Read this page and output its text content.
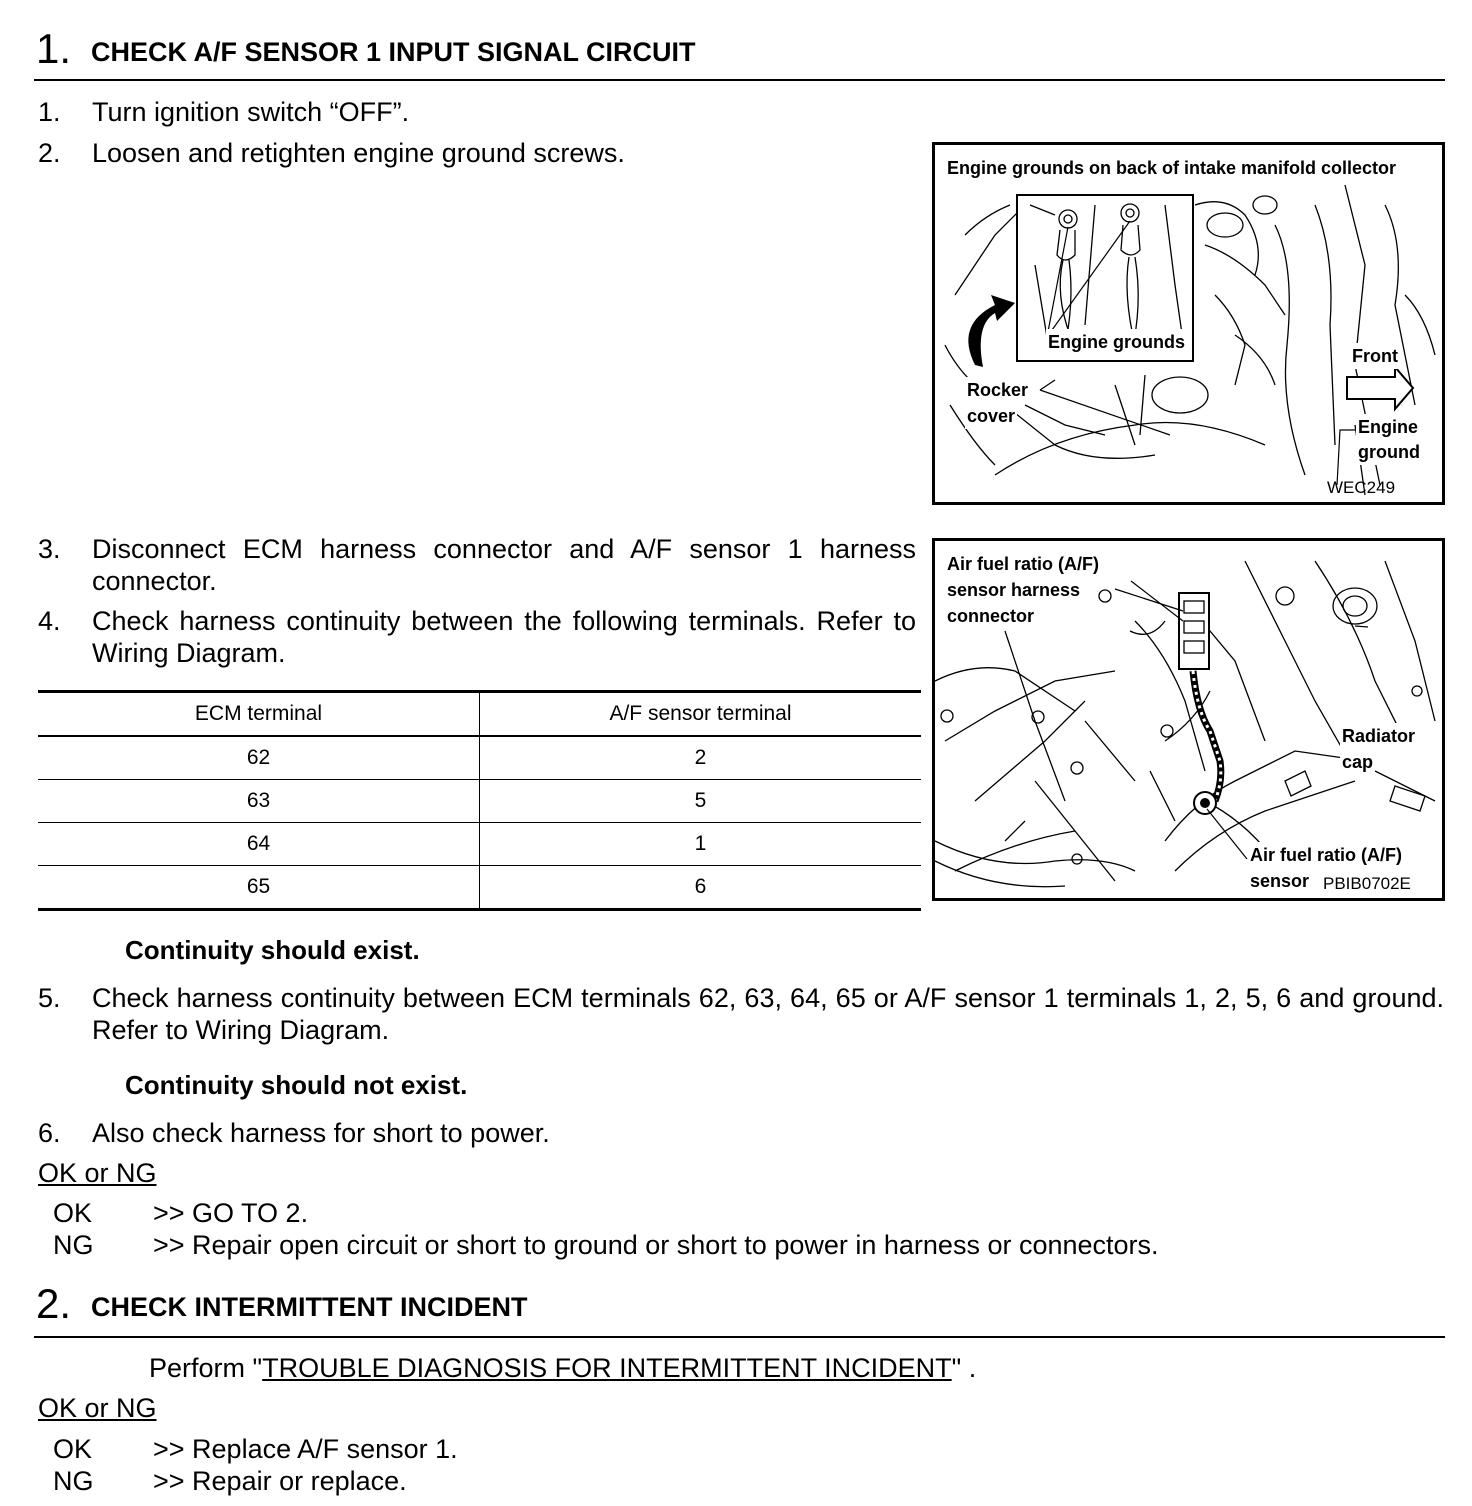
1. CHECK A/F SENSOR 1 INPUT SIGNAL CIRCUIT
1. Turn ignition switch “OFF”.
2. Loosen and retighten engine ground screws.	Engine grounds on back of intake manifold collector
Engine grounds
Front
Rocker
cover
Engine
ground
WEC249
3. Disconnect ECM harness connector and A/F sensor 1 harness connector.
4. Check harness continuity between the following terminals. Refer to Wiring Diagram.
ECM terminal	A/F sensor terminal
62	2
63	5
64	1
65	6
Air fuel ratio (A/F)
sensor harness
connector
Radiator
cap
Air fuel ratio (A/F)
sensor PBIB0702E
Continuity should exist.
5. Check harness continuity between ECM terminals 62, 63, 64, 65 or A/F sensor 1 terminals 1, 2, 5, 6 and ground. Refer to Wiring Diagram.
Continuity should not exist.
6. Also check harness for short to power.
OK or NG
OK >> GO TO 2.
NG >> Repair open circuit or short to ground or short to power in harness or connectors.
2. CHECK INTERMITTENT INCIDENT
Perform "TROUBLE DIAGNOSIS FOR INTERMITTENT INCIDENT" .
OK or NG
OK >> Replace A/F sensor 1.
NG >> Repair or replace.
